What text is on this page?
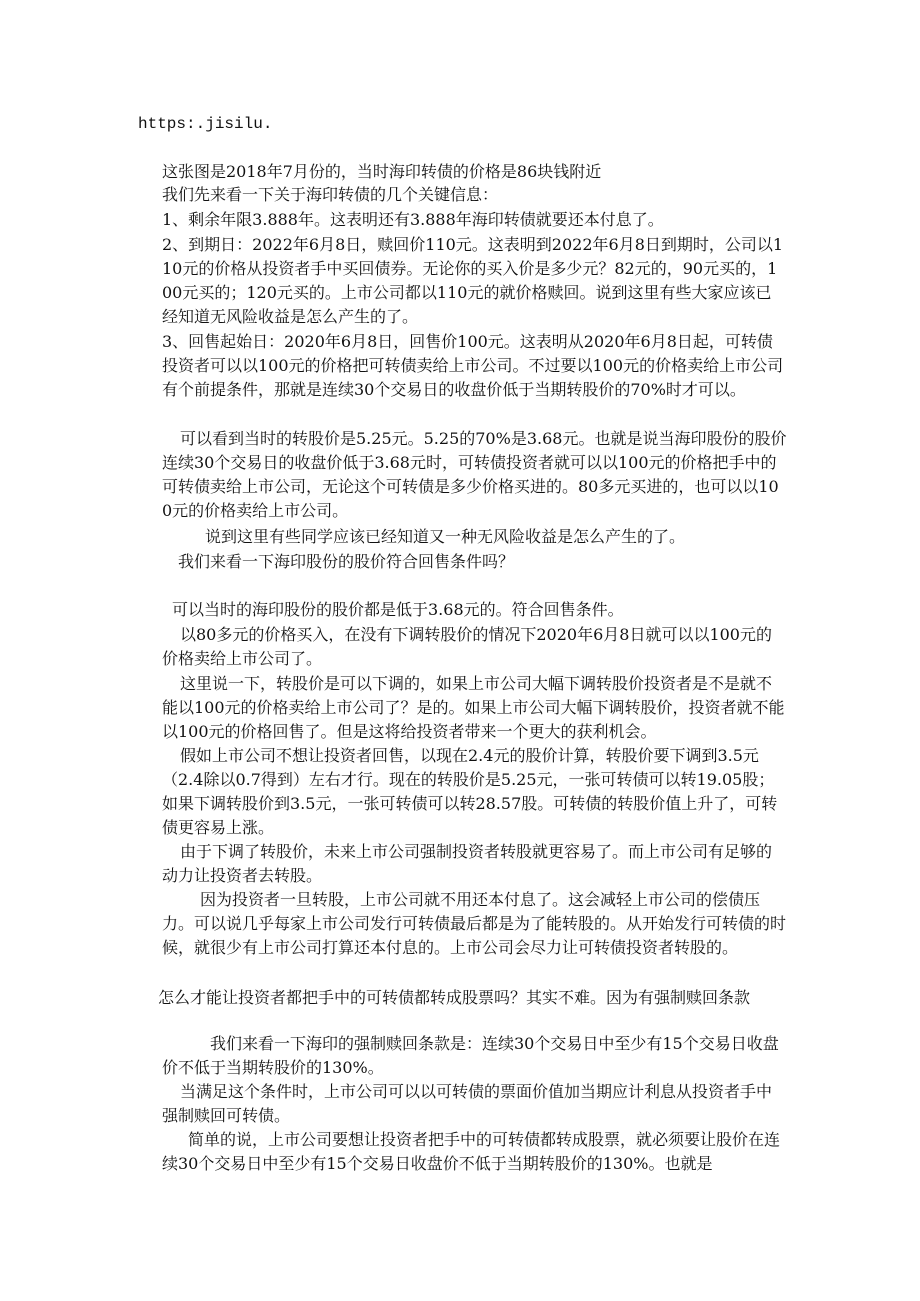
https:.jisilu.

这张图是2018年7月份的，当时海印转债的价格是86块钱附近

我们先来看一下关于海印转债的几个关键信息：

1、剩余年限3.888年。这表明还有3.888年海印转债就要还本付息了。

2、到期日：2022年6月8日，赎回价110元。这表明到2022年6月8日到期时，公司以110元的价格从投资者手中买回债券。无论你的买入价是多少元？82元的，90元买的，100元买的；120元买的。上市公司都以110元的就价格赎回。说到这里有些大家应该已经知道无风险收益是怎么产生的了。

3、回售起始日：2020年6月8日，回售价100元。这表明从2020年6月8日起，可转债投资者可以以100元的价格把可转债卖给上市公司。不过要以100元的价格卖给上市公司有个前提条件，那就是连续30个交易日的收盘价低于当期转股价的70%时才可以。

可以看到当时的转股价是5.25元。5.25的70%是3.68元。也就是说当海印股份的股价连续30个交易日的收盘价低于3.68元时，可转债投资者就可以以100元的价格把手中的可转债卖给上市公司，无论这个可转债是多少价格买进的。80多元买进的，也可以以100元的价格卖给上市公司。

说到这里有些同学应该已经知道又一种无风险收益是怎么产生的了。

我们来看一下海印股份的股价符合回售条件吗？

可以当时的海印股份的股价都是低于3.68元的。符合回售条件。

以80多元的价格买入，在没有下调转股价的情况下2020年6月8日就可以以100元的价格卖给上市公司了。

这里说一下，转股价是可以下调的，如果上市公司大幅下调转股价投资者是不是就不能以100元的价格卖给上市公司了？是的。如果上市公司大幅下调转股价，投资者就不能以100元的价格回售了。但是这将给投资者带来一个更大的获利机会。

假如上市公司不想让投资者回售，以现在2.4元的股价计算，转股价要下调到3.5元（2.4除以0.7得到）左右才行。现在的转股价是5.25元，一张可转债可以转19.05股；如果下调转股价到3.5元，一张可转债可以转28.57股。可转债的转股价值上升了，可转债更容易上涨。

由于下调了转股价，未来上市公司强制投资者转股就更容易了。而上市公司有足够的动力让投资者去转股。

因为投资者一旦转股，上市公司就不用还本付息了。这会减轻上市公司的偿债压力。可以说几乎每家上市公司发行可转债最后都是为了能转股的。从开始发行可转债的时候，就很少有上市公司打算还本付息的。上市公司会尽力让可转债投资者转股的。

怎么才能让投资者都把手中的可转债都转成股票吗？其实不难。因为有强制赎回条款

我们来看一下海印的强制赎回条款是：连续30个交易日中至少有15个交易日收盘价不低于当期转股价的130%。

当满足这个条件时，上市公司可以以可转债的票面价值加当期应计利息从投资者手中强制赎回可转债。

简单的说，上市公司要想让投资者把手中的可转债都转成股票，就必须要让股价在连续30个交易日中至少有15个交易日收盘价不低于当期转股价的130%。也就是
